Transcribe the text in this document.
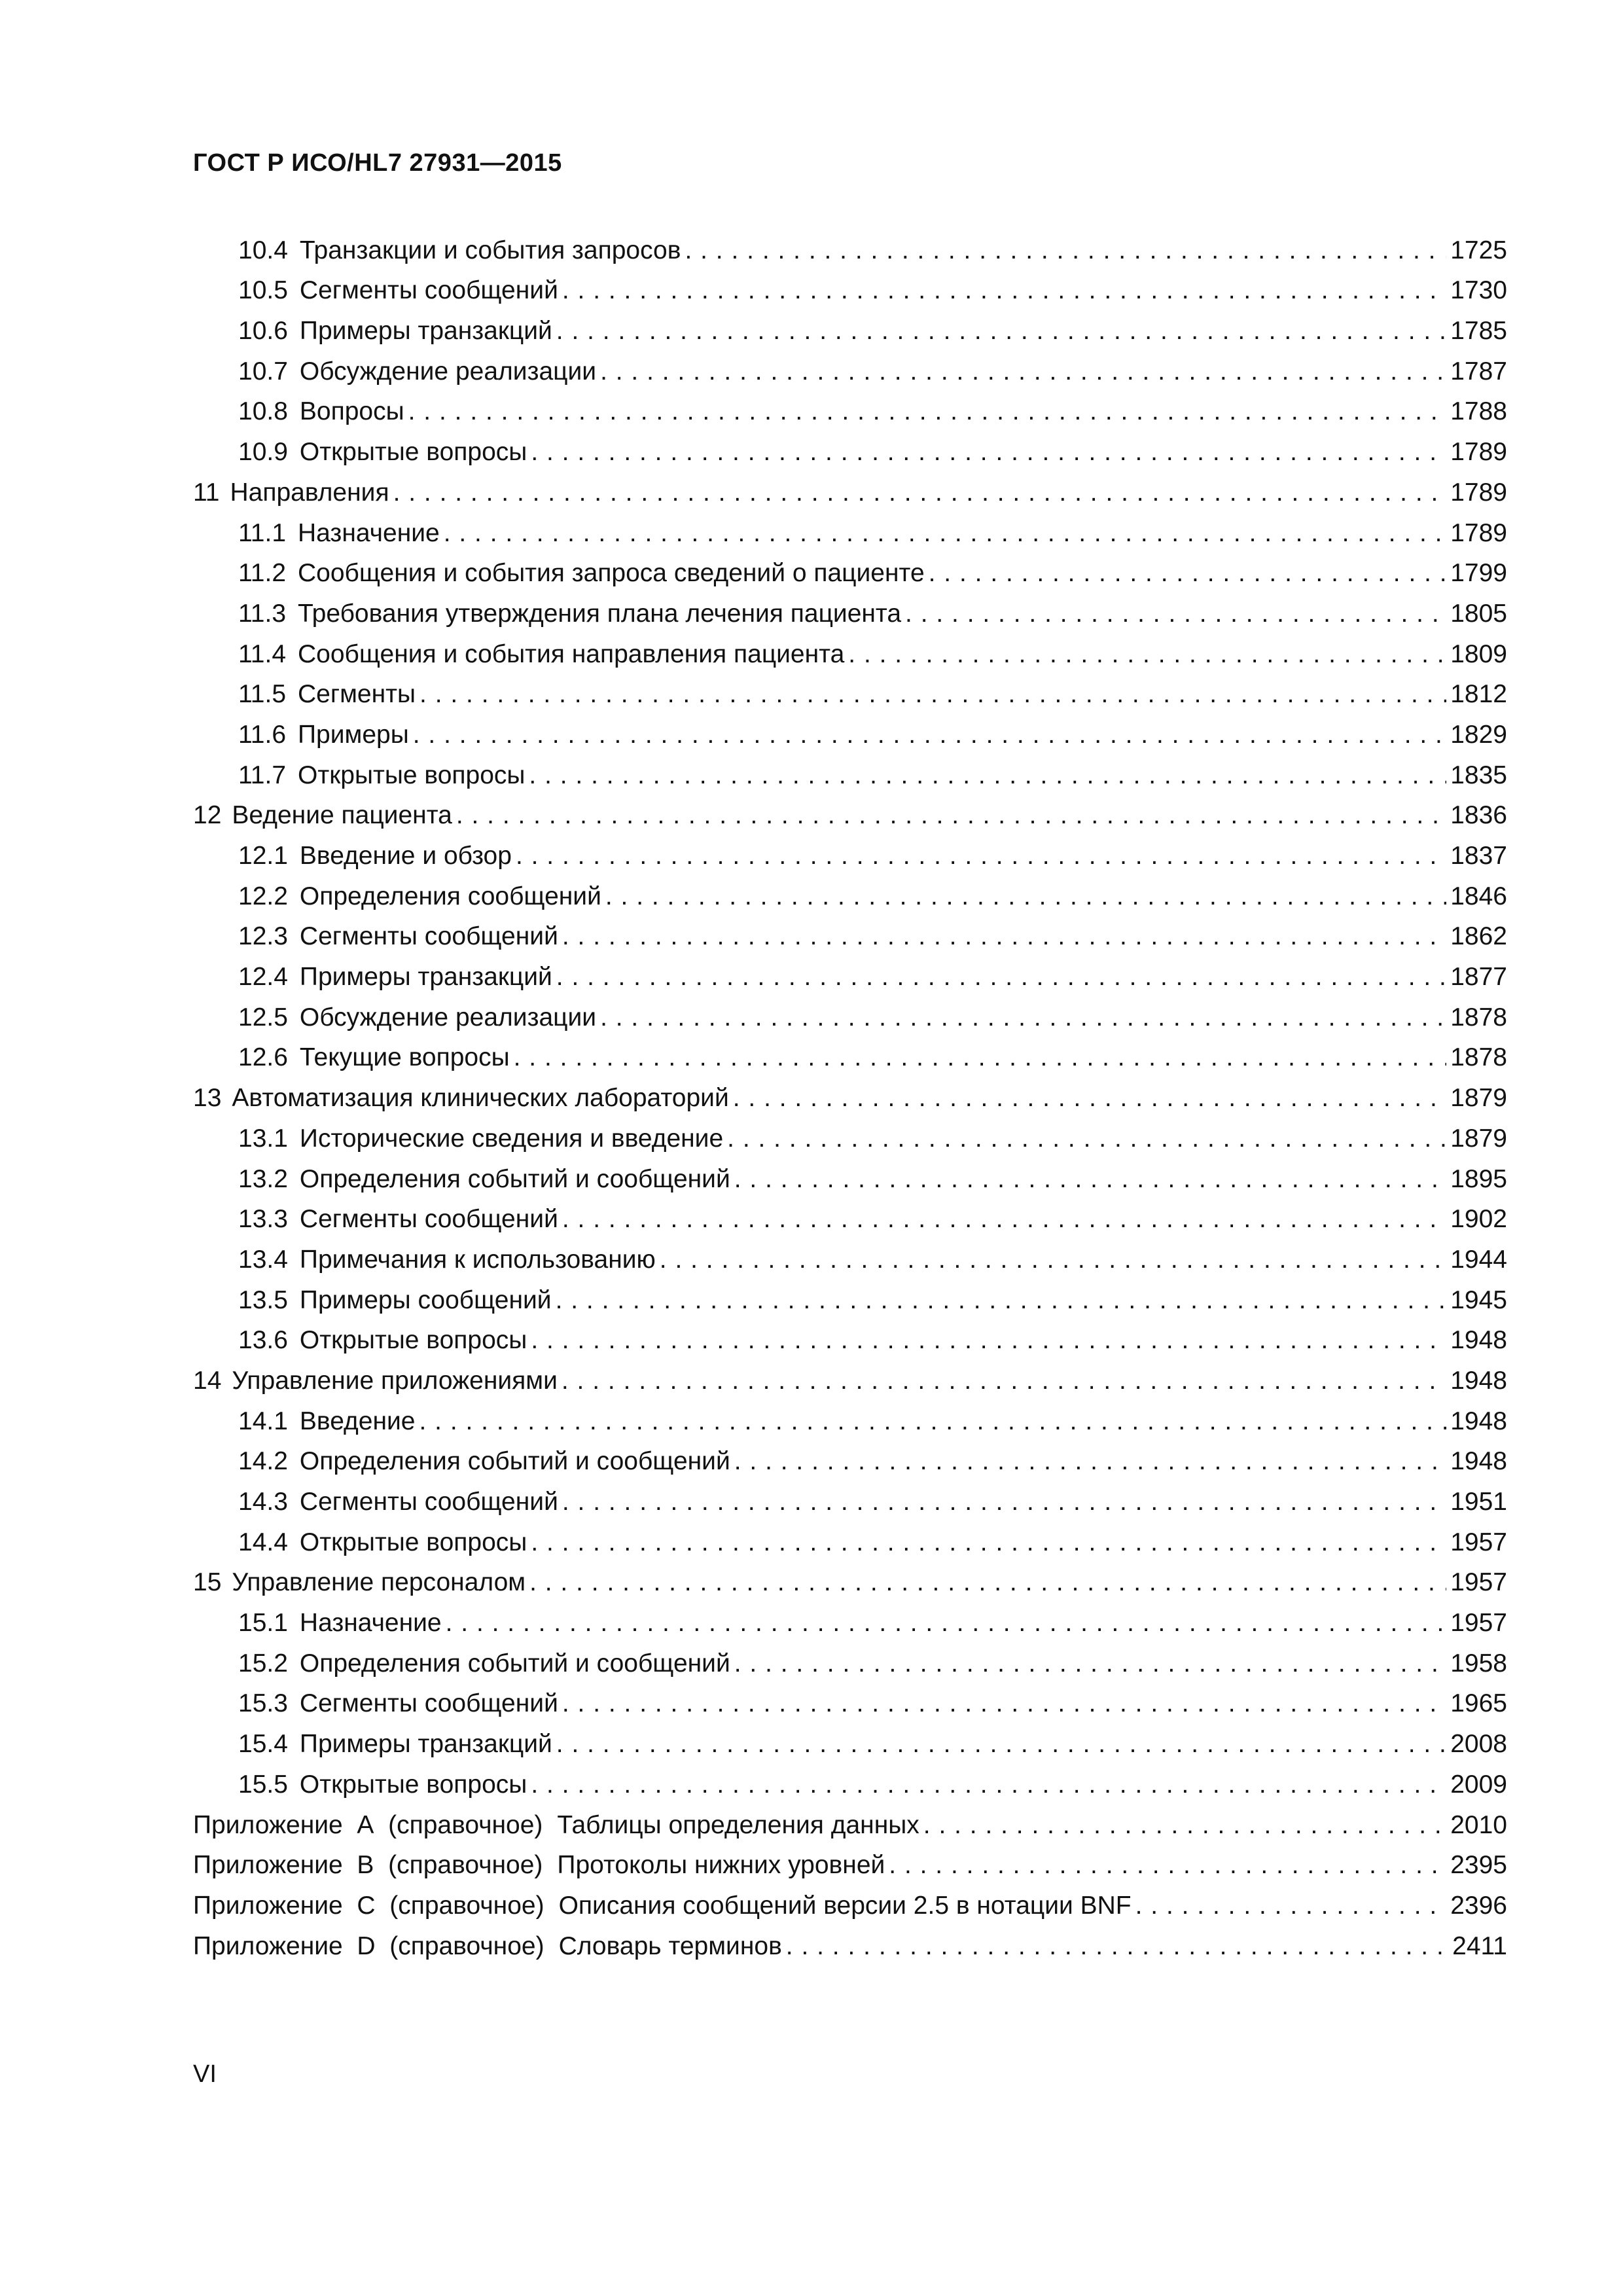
ГОСТ Р ИСО/HL7 27931—2015
10.4 Транзакции и события запросов . . .	1725
10.5 Сегменты сообщений . . .	1730
10.6 Примеры транзакций . . .	1785
10.7 Обсуждение реализации . . .	1787
10.8 Вопросы . . .	1788
10.9 Открытые вопросы . . .	1789
11 Направления . . .	1789
11.1 Назначение . . .	1789
11.2 Сообщения и события запроса сведений о пациенте . . .	1799
11.3 Требования утверждения плана лечения пациента . . .	1805
11.4 Сообщения и события направления пациента . . .	1809
11.5 Сегменты . . .	1812
11.6 Примеры . . .	1829
11.7 Открытые вопросы . . .	1835
12 Ведение пациента . . .	1836
12.1 Введение и обзор . . .	1837
12.2 Определения сообщений . . .	1846
12.3 Сегменты сообщений . . .	1862
12.4 Примеры транзакций . . .	1877
12.5 Обсуждение реализации . . .	1878
12.6 Текущие вопросы . . .	1878
13 Автоматизация клинических лабораторий . . .	1879
13.1 Исторические сведения и введение . . .	1879
13.2 Определения событий и сообщений . . .	1895
13.3 Сегменты сообщений . . .	1902
13.4 Примечания к использованию . . .	1944
13.5 Примеры сообщений . . .	1945
13.6 Открытые вопросы . . .	1948
14 Управление приложениями . . .	1948
14.1 Введение . . .	1948
14.2 Определения событий и сообщений . . .	1948
14.3 Сегменты сообщений . . .	1951
14.4 Открытые вопросы . . .	1957
15 Управление персоналом . . .	1957
15.1 Назначение . . .	1957
15.2 Определения событий и сообщений . . .	1958
15.3 Сегменты сообщений . . .	1965
15.4 Примеры транзакций . . .	2008
15.5 Открытые вопросы . . .	2009
Приложение  А  (справочное) Таблицы определения данных . . .	2010
Приложение  В  (справочное) Протоколы нижних уровней . . .	2395
Приложение  С  (справочное) Описания сообщений версии 2.5 в нотации BNF . . .	2396
Приложение  D  (справочное) Словарь терминов . . .	2411

VI
